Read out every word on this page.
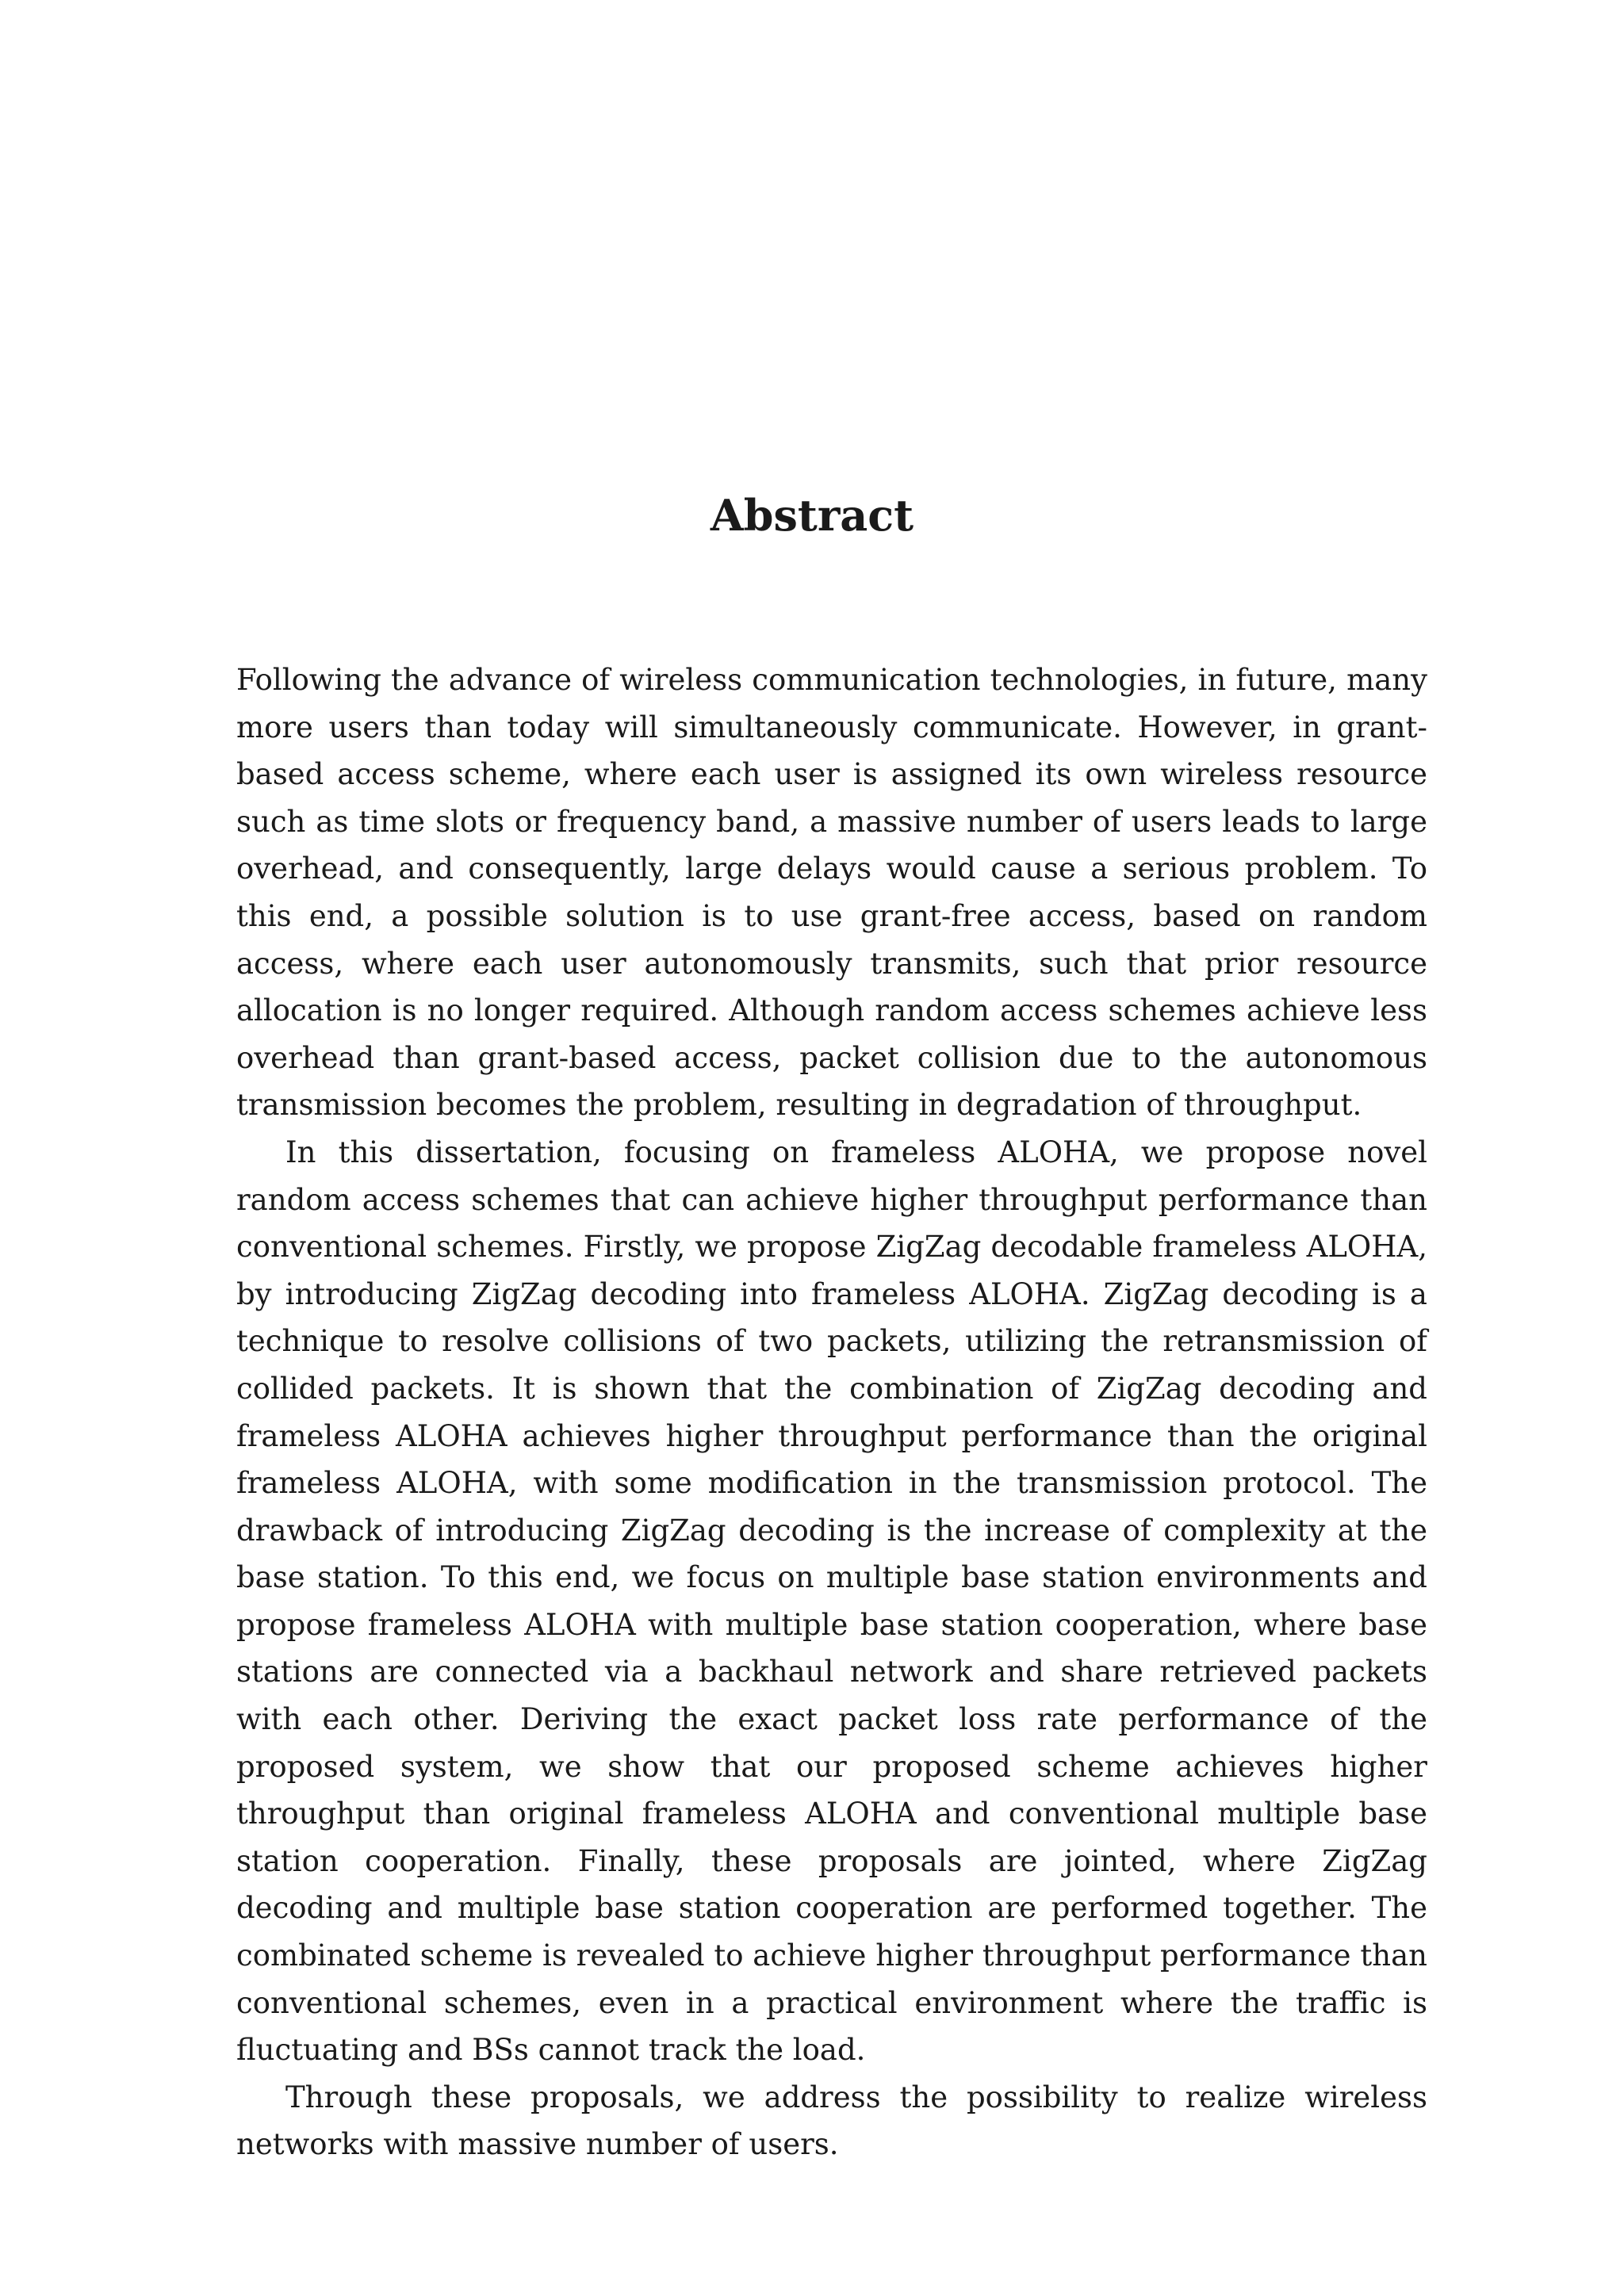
Abstract

Following the advance of wireless communication technologies, in future, many more users than today will simultaneously communicate. However, in grant-based access scheme, where each user is assigned its own wireless resource such as time slots or frequency band, a massive number of users leads to large overhead, and consequently, large delays would cause a serious problem. To this end, a possible solution is to use grant-free access, based on random access, where each user autonomously transmits, such that prior resource allocation is no longer required. Although random access schemes achieve less overhead than grant-based access, packet collision due to the autonomous transmission becomes the problem, resulting in degradation of throughput.

In this dissertation, focusing on frameless ALOHA, we propose novel random access schemes that can achieve higher throughput performance than conventional schemes. Firstly, we propose ZigZag decodable frameless ALOHA, by introducing ZigZag decoding into frameless ALOHA. ZigZag decoding is a technique to resolve collisions of two packets, utilizing the retransmission of collided packets. It is shown that the combination of ZigZag decoding and frameless ALOHA achieves higher throughput performance than the original frameless ALOHA, with some modification in the transmission protocol. The drawback of introducing ZigZag decoding is the increase of complexity at the base station. To this end, we focus on multiple base station environments and propose frameless ALOHA with multiple base station cooperation, where base stations are connected via a backhaul network and share retrieved packets with each other. Deriving the exact packet loss rate performance of the proposed system, we show that our proposed scheme achieves higher throughput than original frameless ALOHA and conventional multiple base station cooperation. Finally, these proposals are jointed, where ZigZag decoding and multiple base station cooperation are performed together. The combinated scheme is revealed to achieve higher throughput performance than conventional schemes, even in a practical environment where the traffic is fluctuating and BSs cannot track the load.

Through these proposals, we address the possibility to realize wireless networks with massive number of users.
